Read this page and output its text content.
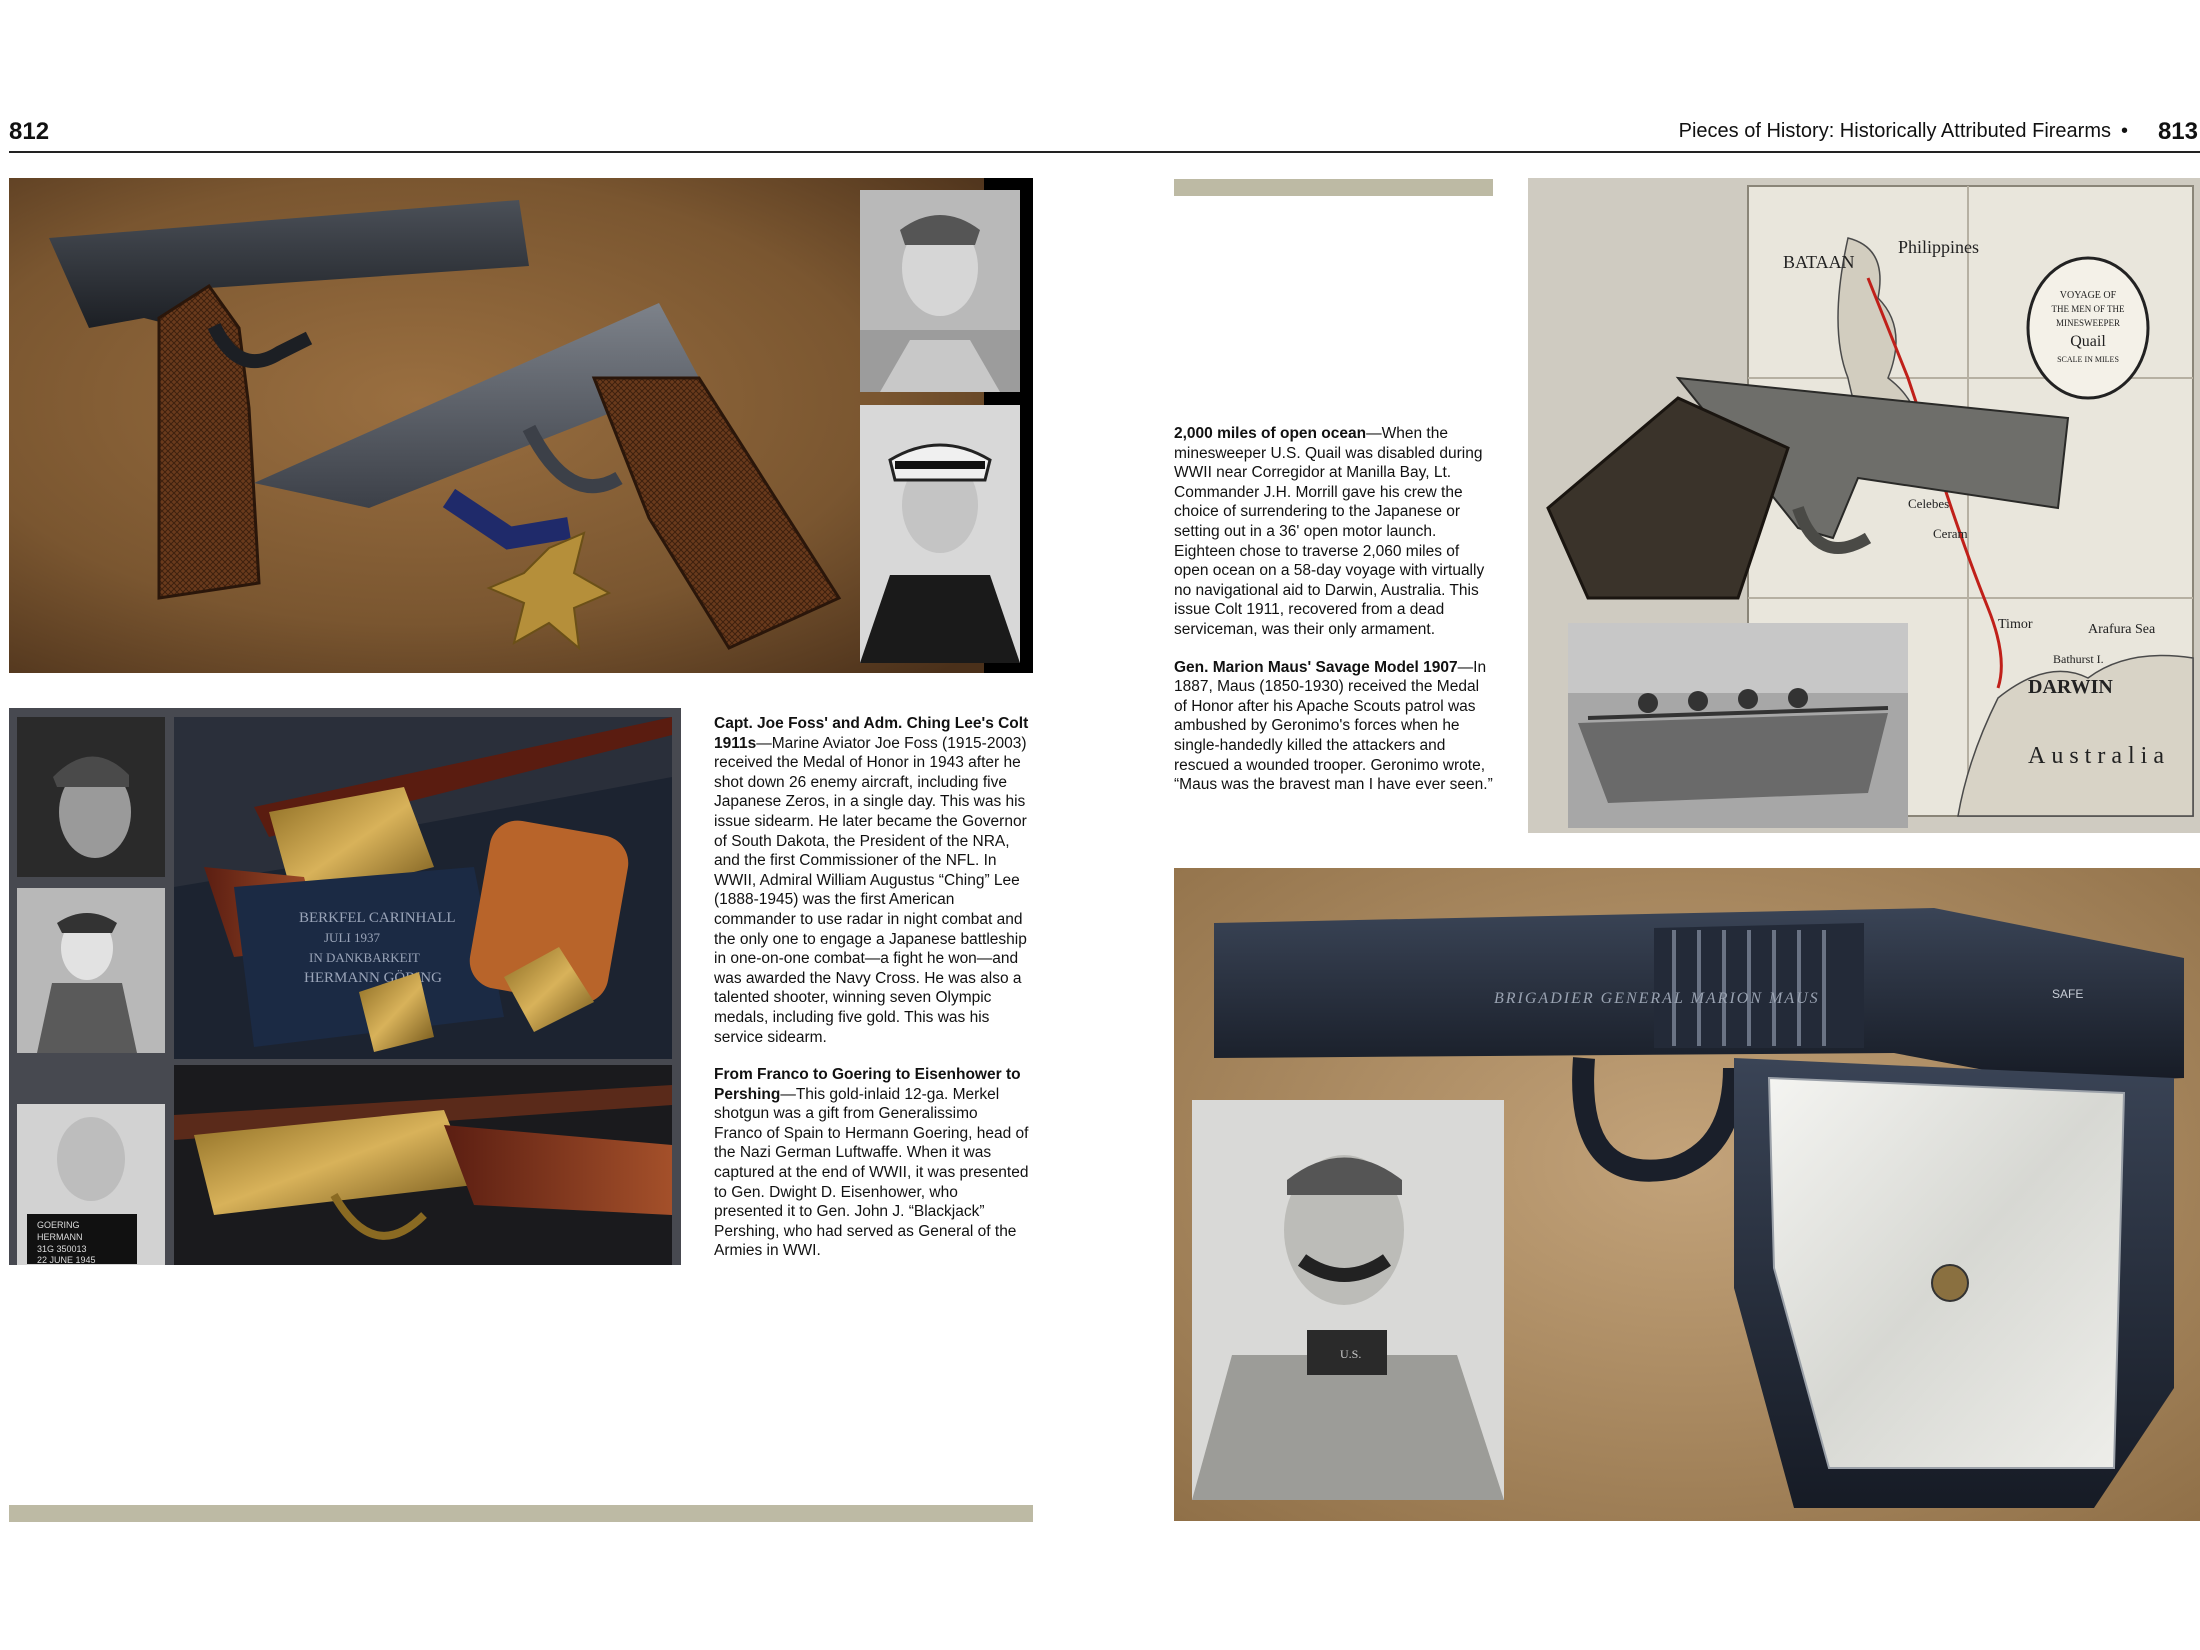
812	Pieces of History: Historically Attributed Firearms •	813
GOERING
HERMANN
31G 350013
22 JUNE 1945
BERKFEL CARINHALL
JULI 1937
IN DANKBARKEIT
HERMANN GÖRING

Capt. Joe Foss' and Adm. Ching Lee's Colt 1911s—Marine Aviator Joe Foss (1915-2003) received the Medal of Honor in 1943 after he shot down 26 enemy aircraft, including five Japanese Zeros, in a single day. This was his issue sidearm. He later became the Governor of South Dakota, the President of the NRA, and the first Commissioner of the NFL. In WWII, Admiral William Augustus “Ching” Lee (1888-1945) was the first American commander to use radar in night combat and the only one to engage a Japanese battleship in one-on-one combat—a fight he won—and was awarded the Navy Cross. He was also a talented shooter, winning seven Olympic medals, including five gold. This was his service sidearm.

From Franco to Goering to Eisenhower to Pershing—This gold-inlaid 12-ga. Merkel shotgun was a gift from Generalissimo Franco of Spain to Hermann Goering, head of the Nazi German Luftwaffe. When it was captured at the end of WWII, it was presented to Gen. Dwight D. Eisenhower, who presented it to Gen. John J. “Blackjack” Pershing, who had served as General of the Armies in WWI.

2,000 miles of open ocean—When the minesweeper U.S. Quail was disabled during WWII near Corregidor at Manilla Bay, Lt. Commander J.H. Morrill gave his crew the choice of surrendering to the Japanese or setting out in a 36' open motor launch. Eighteen chose to traverse 2,060 miles of open ocean on a 58-day voyage with virtually no navigational aid to Darwin, Australia. This issue Colt 1911, recovered from a dead serviceman, was their only armament.

Gen. Marion Maus' Savage Model 1907—In 1887, Maus (1850-1930) received the Medal of Honor after his Apache Scouts patrol was ambushed by Geronimo's forces when he single-handedly killed the attackers and rescued a wounded trooper. Geronimo wrote, “Maus was the bravest man I have ever seen.”

VOYAGE OF
THE MEN OF THE
MINESWEEPER
Quail
SCALE IN MILES
BATAAN
Philippines
Ceram
Celebes
Timor	Arafura Sea
Bathurst I.
DARWIN
Australia
BRIGADIER GENERAL MARION MAUS	SAFE
U.S.
